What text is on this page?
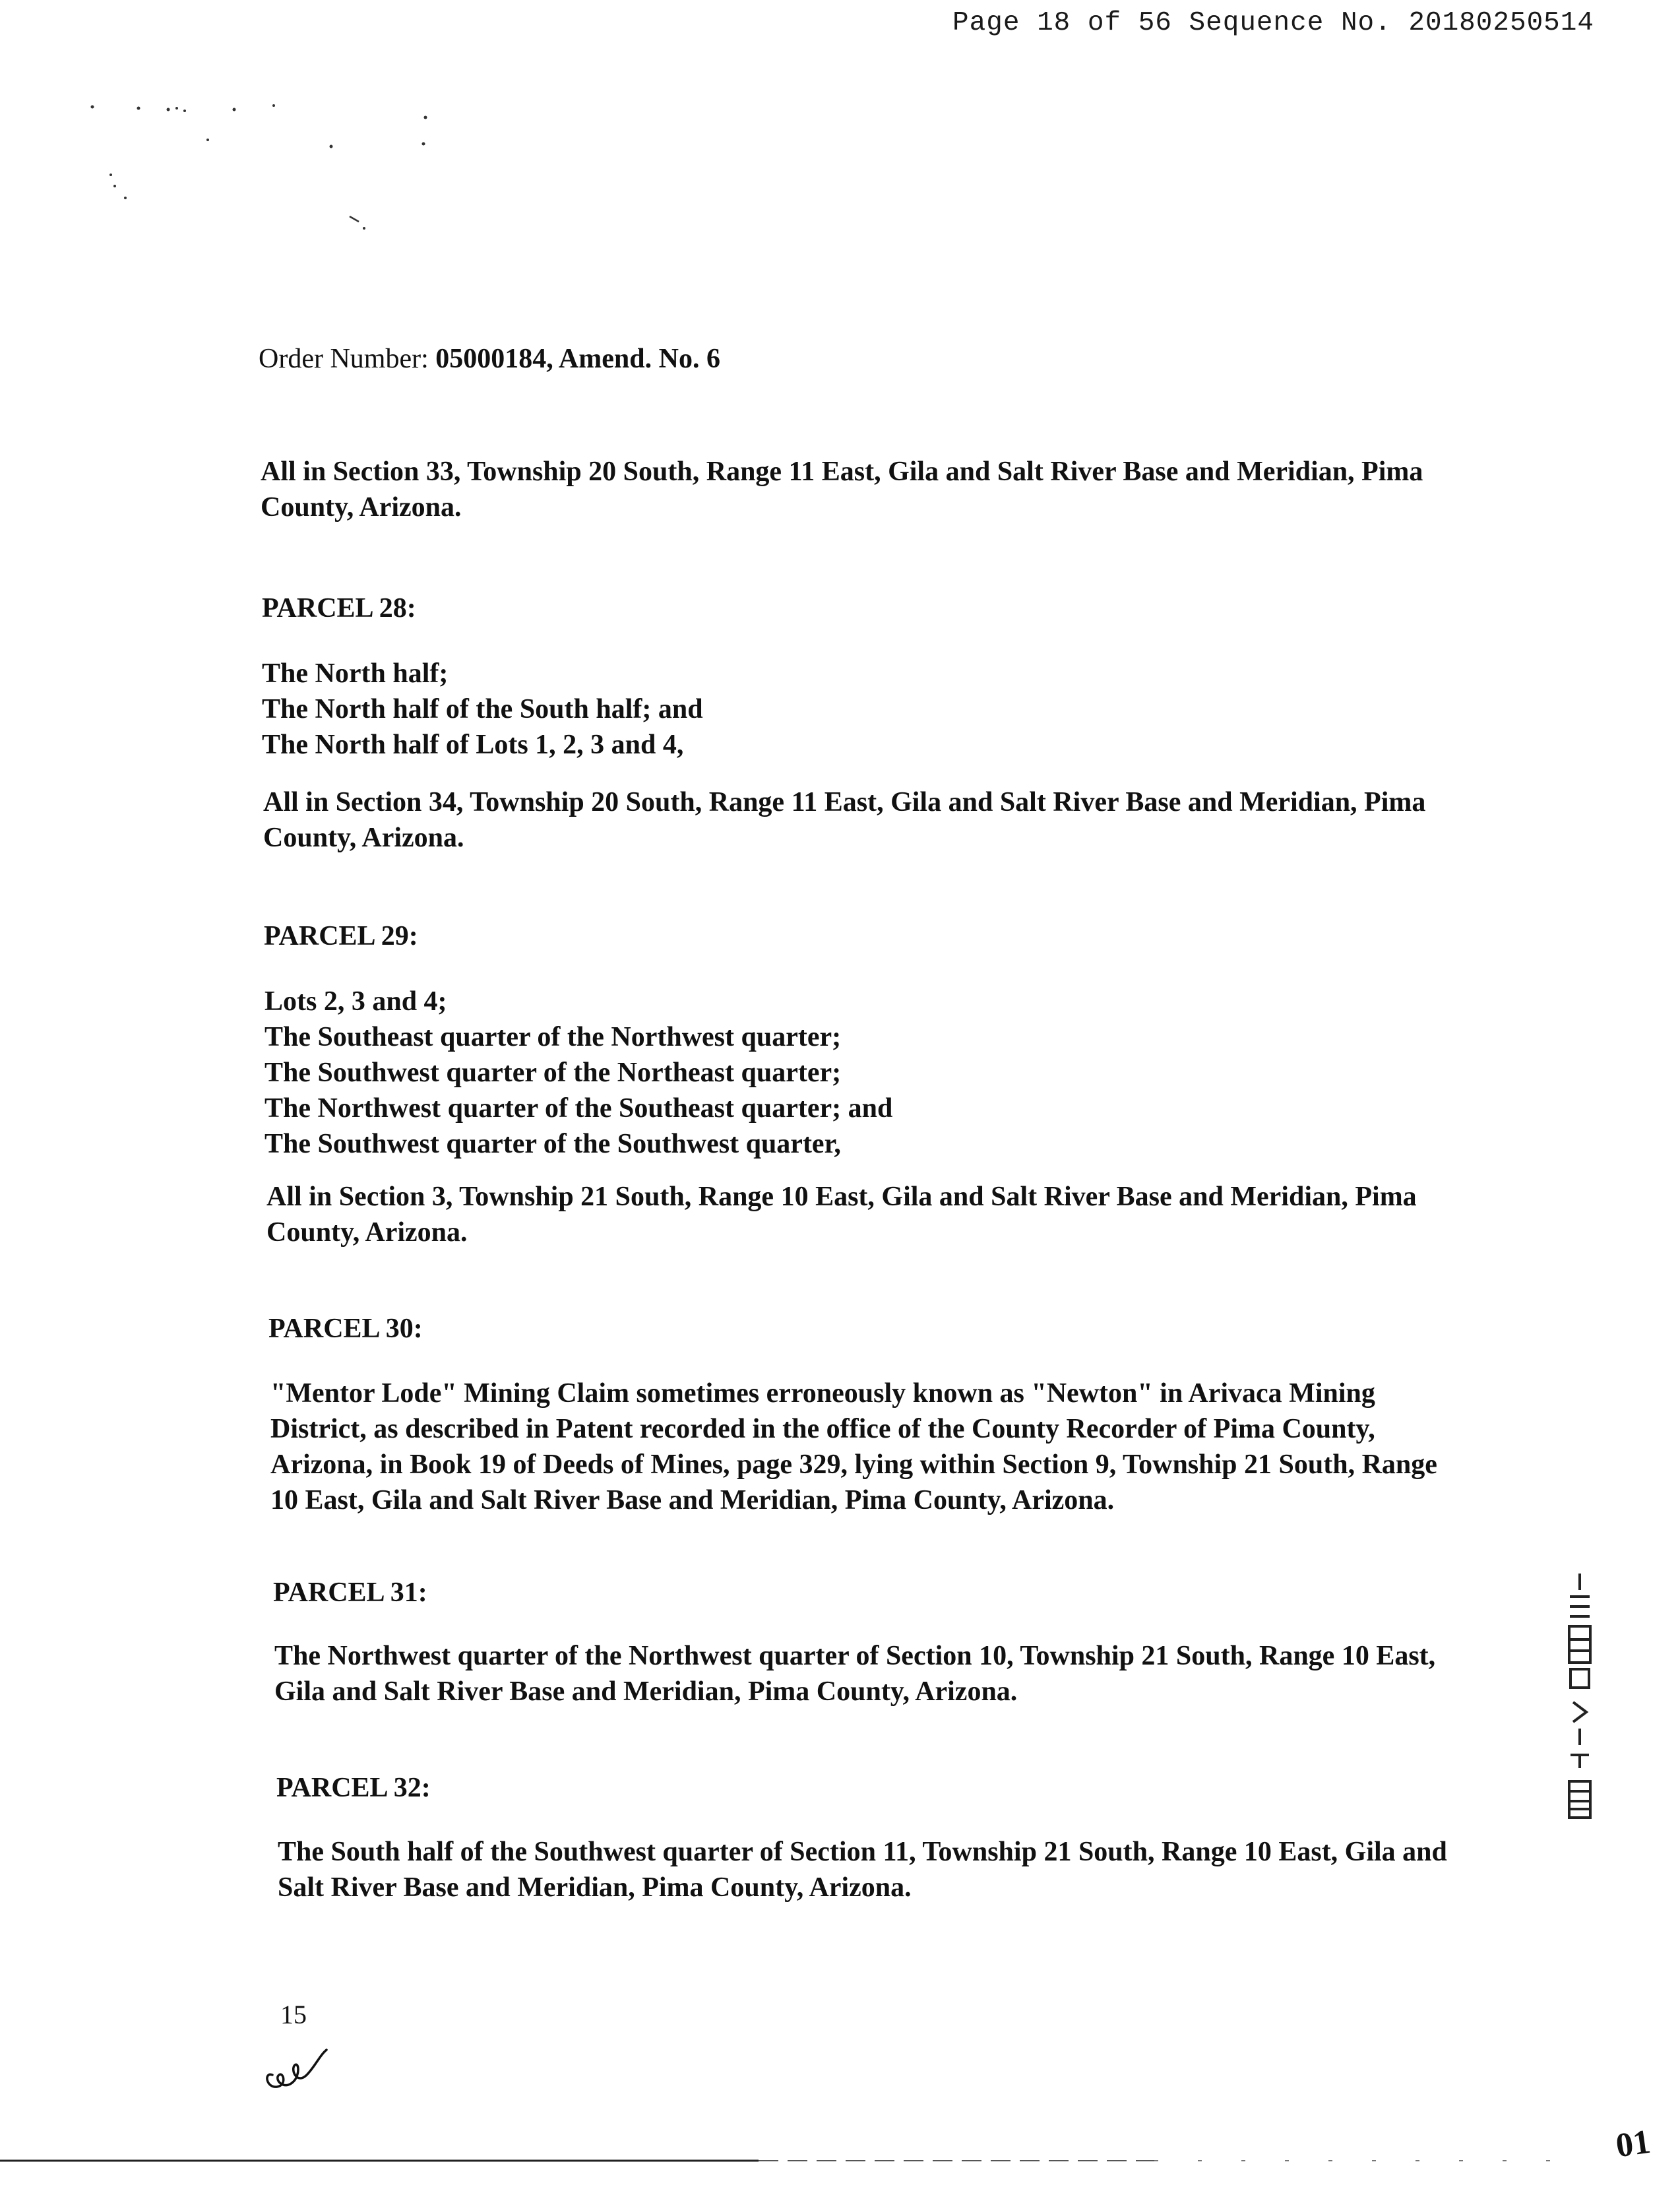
Page 18 of 56 Sequence No. 20180250514
Order Number: 05000184, Amend. No. 6

All in Section 33, Township 20 South, Range 11 East, Gila and Salt River Base and Meridian, Pima

County, Arizona.

PARCEL 28:

The North half;

The North half of the South half; and

The North half of Lots 1, 2, 3 and 4,

All in Section 34, Township 20 South, Range 11 East, Gila and Salt River Base and Meridian, Pima

County, Arizona.

PARCEL 29:

Lots 2, 3 and 4;

The Southeast quarter of the Northwest quarter;

The Southwest quarter of the Northeast quarter;

The Northwest quarter of the Southeast quarter; and

The Southwest quarter of the Southwest quarter,

All in Section 3, Township 21 South, Range 10 East, Gila and Salt River Base and Meridian, Pima

County, Arizona.

PARCEL 30:

"Mentor Lode" Mining Claim sometimes erroneously known as "Newton" in Arivaca Mining

District, as described in Patent recorded in the office of the County Recorder of Pima County,

Arizona, in Book 19 of Deeds of Mines, page 329, lying within Section 9, Township 21 South, Range

10 East, Gila and Salt River Base and Meridian, Pima County, Arizona.

PARCEL 31:

The Northwest quarter of the Northwest quarter of Section 10, Township 21 South, Range 10 East,

Gila and Salt River Base and Meridian, Pima County, Arizona.

PARCEL 32:

The South half of the Southwest quarter of Section 11, Township 21 South, Range 10 East, Gila and

Salt River Base and Meridian, Pima County, Arizona.

15
01
